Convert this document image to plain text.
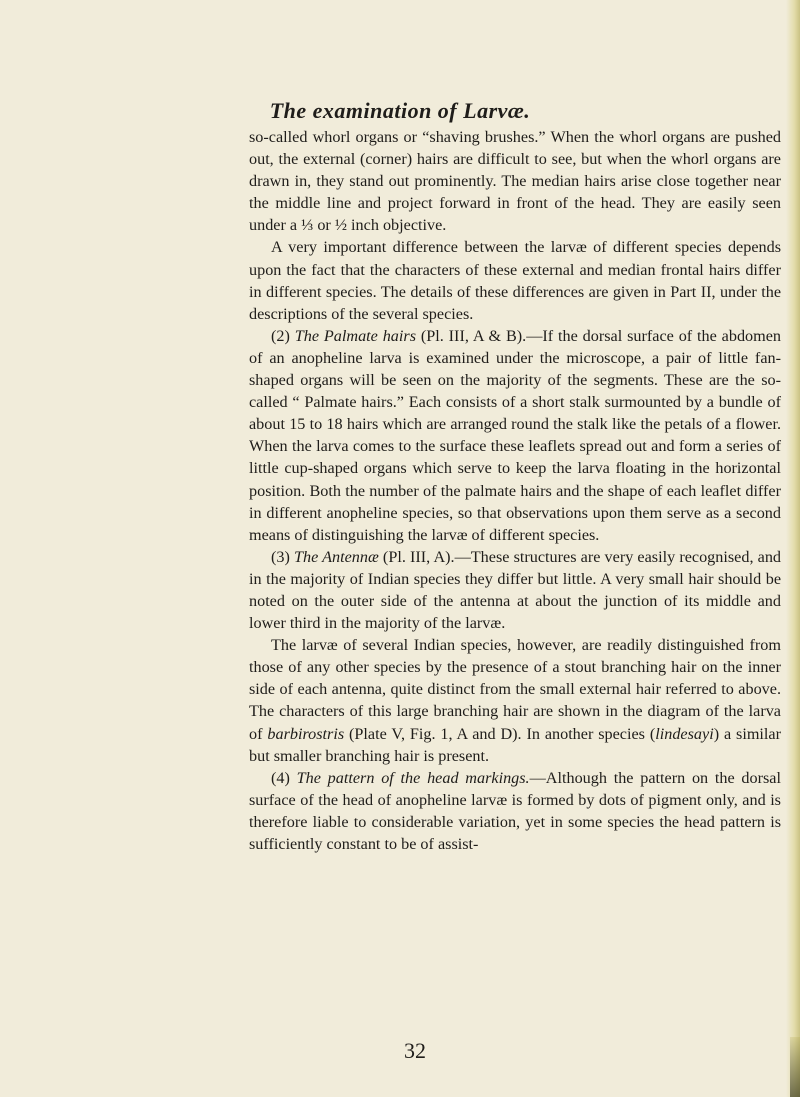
The examination of Larvæ.

so-called whorl organs or “shaving brushes.” When the whorl organs are pushed out, the external (corner) hairs are difficult to see, but when the whorl organs are drawn in, they stand out prominently. The median hairs arise close together near the middle line and project forward in front of the head. They are easily seen under a ⅓ or ½ inch objective.

A very important difference between the larvæ of different species depends upon the fact that the characters of these external and median frontal hairs differ in different species. The details of these differences are given in Part II, under the descriptions of the several species.

(2) The Palmate hairs (Pl. III, A & B).—If the dorsal surface of the abdomen of an anopheline larva is examined under the microscope, a pair of little fan-shaped organs will be seen on the majority of the segments. These are the so-called “ Palmate hairs.” Each consists of a short stalk surmounted by a bundle of about 15 to 18 hairs which are arranged round the stalk like the petals of a flower. When the larva comes to the surface these leaflets spread out and form a series of little cup-shaped organs which serve to keep the larva floating in the horizontal position. Both the number of the palmate hairs and the shape of each leaflet differ in different anopheline species, so that observations upon them serve as a second means of distinguishing the larvæ of different species.

(3) The Antennæ (Pl. III, A).—These structures are very easily recognised, and in the majority of Indian species they differ but little. A very small hair should be noted on the outer side of the antenna at about the junction of its middle and lower third in the majority of the larvæ.

The larvæ of several Indian species, however, are readily distinguished from those of any other species by the presence of a stout branching hair on the inner side of each antenna, quite distinct from the small external hair referred to above. The characters of this large branching hair are shown in the diagram of the larva of barbirostris (Plate V, Fig. 1, A and D). In another species (lindesayi) a similar but smaller branching hair is present.

(4) The pattern of the head markings.—Although the pattern on the dorsal surface of the head of anopheline larvæ is formed by dots of pigment only, and is therefore liable to considerable variation, yet in some species the head pattern is sufficiently constant to be of assist-

32
